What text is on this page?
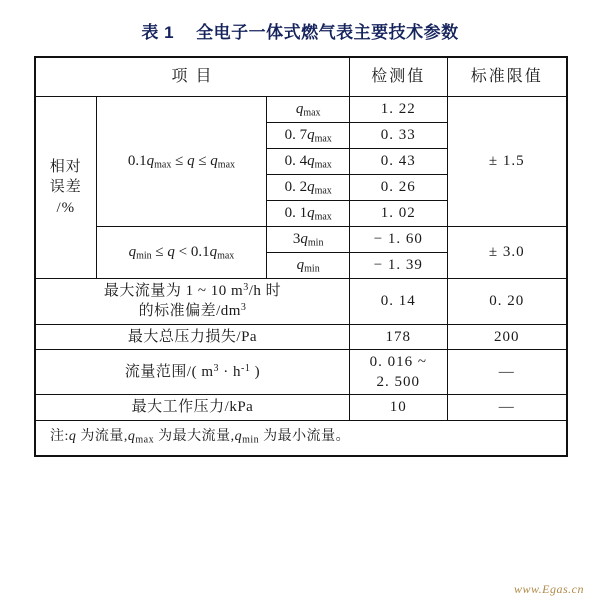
表 1 全电子一体式燃气表主要技术参数
项 目			检测值	标准限值

相对
误差
/%	$0.1q_{max} \le q \le q_{max}$	$q_{max}$	1. 22	± 1.5
		0. $7q_{max}$	0. 33	
		0. $4q_{max}$	0. 43	
		0. $2q_{max}$	0. 26	
		0. $1q_{max}$	1. 02	
	$q_{min} \le q < 0.1q_{max}$	$3q_{min}$	− 1. 60	± 3.0
		$q_{min}$	− 1. 39	

最大流量为 1 ~ 10 $m^3/h$ 时
的标准偏差$/dm^3$			0. 14	0. 20
最大总压力损失/Pa			178	200
流量范围/( $m^3 \cdot h^{-1}$ )			0. 016 ~
2. 500	—
最大工作压力/kPa			10	—
注:q 为流量$,q_{max}$ 为最大流量$,q_{min}$ 为最小流量。				
www.Egas.cn
